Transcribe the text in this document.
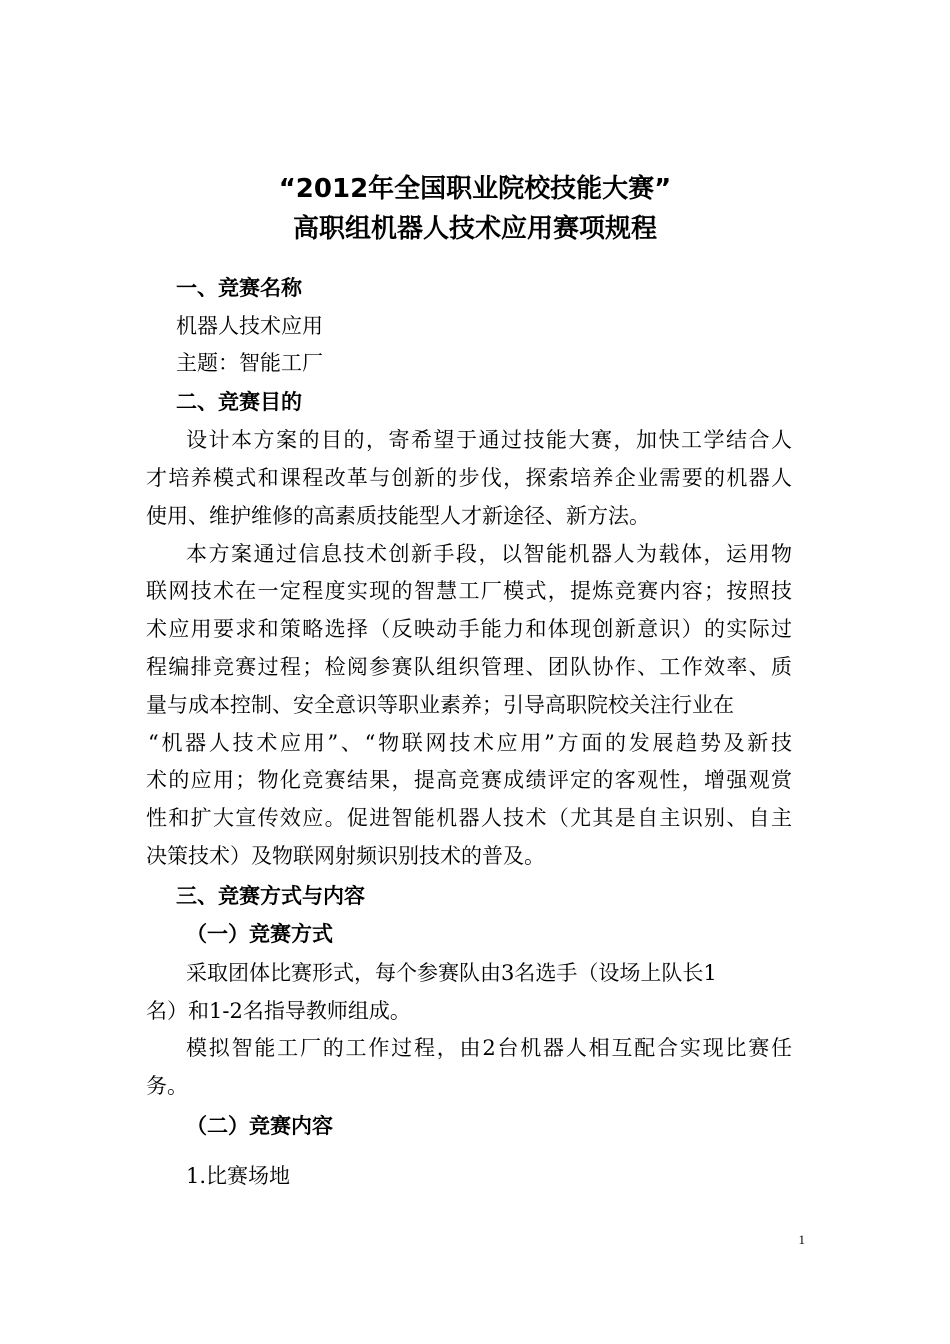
“2012年全国职业院校技能大赛”
高职组机器人技术应用赛项规程
一、竞赛名称
机器人技术应用
主题：智能工厂
二、竞赛目的
设计本方案的目的，寄希望于通过技能大赛，加快工学结合人
才培养模式和课程改革与创新的步伐，探索培养企业需要的机器人
使用、维护维修的高素质技能型人才新途径、新方法。
本方案通过信息技术创新手段，以智能机器人为载体，运用物
联网技术在一定程度实现的智慧工厂模式，提炼竞赛内容；按照技
术应用要求和策略选择（反映动手能力和体现创新意识）的实际过
程编排竞赛过程；检阅参赛队组织管理、团队协作、工作效率、质
量与成本控制、安全意识等职业素养；引导高职院校关注行业在
“机器人技术应用”、“物联网技术应用”方面的发展趋势及新技
术的应用；物化竞赛结果，提高竞赛成绩评定的客观性，增强观赏
性和扩大宣传效应。促进智能机器人技术（尤其是自主识别、自主
决策技术）及物联网射频识别技术的普及。
三、竞赛方式与内容
（一）竞赛方式
采取团体比赛形式，每个参赛队由3名选手（设场上队长1
名）和1-2名指导教师组成。
模拟智能工厂的工作过程，由2台机器人相互配合实现比赛任
务。
（二）竞赛内容
1.比赛场地
1
